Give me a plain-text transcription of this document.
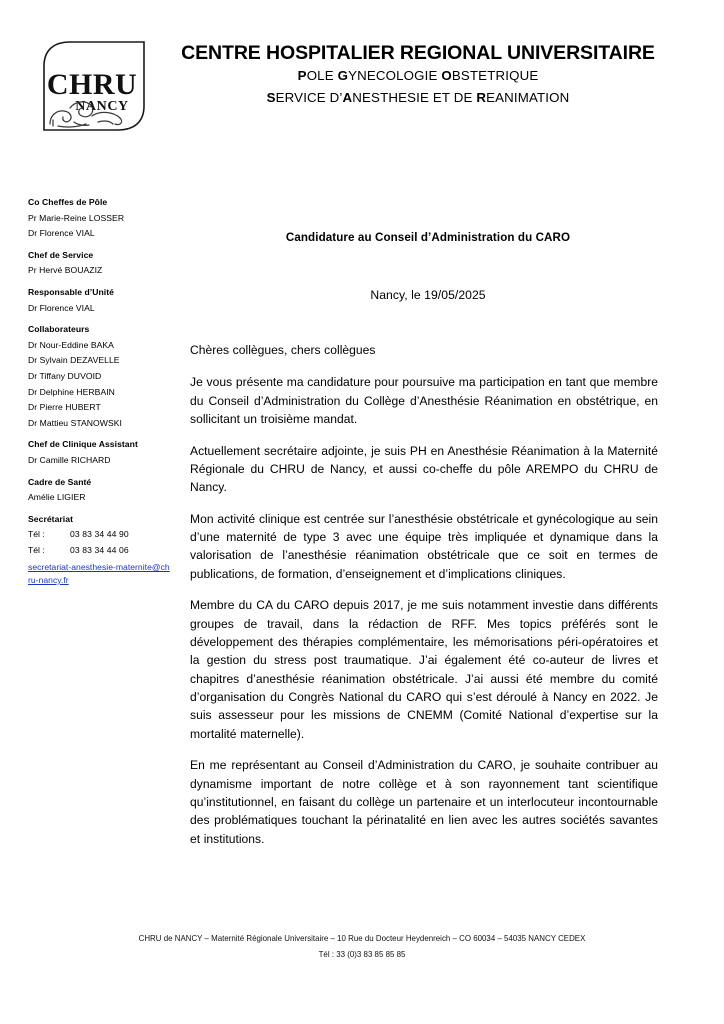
CHRU
NANCY
CENTRE HOSPITALIER REGIONAL UNIVERSITAIRE
POLE GYNECOLOGIE OBSTETRIQUE
SERVICE D’ANESTHESIE ET DE REANIMATION
Co Cheffes de Pôle
Pr Marie-Reine LOSSER
Dr Florence VIAL
Chef de Service
Pr Hervé BOUAZIZ
Responsable d’Unité
Dr Florence VIAL
Collaborateurs
Dr Nour-Eddine BAKA
Dr Sylvain DEZAVELLE
Dr Tiffany DUVOID
Dr Delphine HERBAIN
Dr Pierre HUBERT
Dr Mattieu STANOWSKI
Chef de Clinique Assistant
Dr Camille RICHARD
Cadre de Santé
Amélie LIGIER
Secrétariat
Tél :	03 83 34 44 90
Tél :	03 83 34 44 06
secretariat-anesthesie-maternite@chru-nancy.fr
Candidature au Conseil d’Administration du CARO
Nancy, le 19/05/2025

Chères collègues, chers collègues

Je vous présente ma candidature pour poursuive ma participation en tant que membre du Conseil d’Administration du Collège d’Anesthésie Réanimation en obstétrique, en sollicitant un troisième mandat.

Actuellement secrétaire adjointe, je suis PH en Anesthésie Réanimation à la Maternité Régionale du CHRU de Nancy, et aussi co-cheffe du pôle AREMPO du CHRU de Nancy.

Mon activité clinique est centrée sur l’anesthésie obstétricale et gynécologique au sein d’une maternité de type 3 avec une équipe très impliquée et dynamique dans la valorisation de l’anesthésie réanimation obstétricale que ce soit en termes de publications, de formation, d’enseignement et d’implications cliniques.

Membre du CA du CARO depuis 2017, je me suis notamment investie dans différents groupes de travail, dans la rédaction de RFF. Mes topics préférés sont le développement des thérapies complémentaire, les mémorisations péri-opératoires et la gestion du stress post traumatique. J’ai également été co-auteur de livres et chapitres d’anesthésie réanimation obstétricale. J’ai aussi été membre du comité d’organisation du Congrès National du CARO qui s’est déroulé à Nancy en 2022. Je suis assesseur pour les missions de CNEMM (Comité National d’expertise sur la mortalité maternelle).

En me représentant au Conseil d’Administration du CARO, je souhaite contribuer au dynamisme important de notre collège et à son rayonnement tant scientifique qu’institutionnel, en faisant du collège un partenaire et un interlocuteur incontournable des problématiques touchant la périnatalité en lien avec les autres sociétés savantes et institutions.

CHRU de NANCY – Maternité Régionale Universitaire – 10 Rue du Docteur Heydenreich – CO 60034 – 54035 NANCY CEDEX
Tél : 33 (0)3 83 85 85 85
